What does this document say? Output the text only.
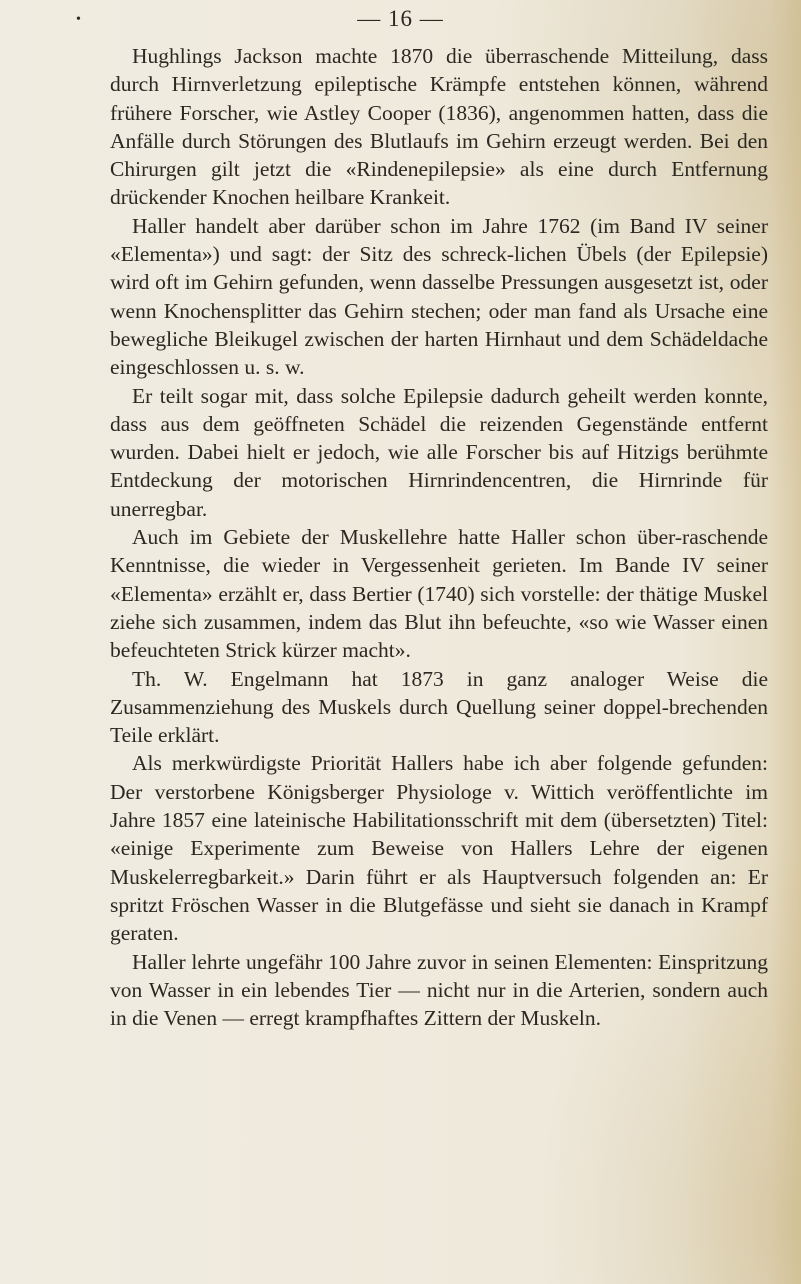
•	— 16 —

Hughlings Jackson machte 1870 die überraschende Mitteilung, dass durch Hirnverletzung epileptische Krämpfe entstehen können, während frühere Forscher, wie Astley Cooper (1836), angenommen hatten, dass die Anfälle durch Störungen des Blutlaufs im Gehirn erzeugt werden. Bei den Chirurgen gilt jetzt die «Rindenepilepsie» als eine durch Entfernung drückender Knochen heilbare Krankeit.

Haller handelt aber darüber schon im Jahre 1762 (im Band IV seiner «Elementa») und sagt: der Sitz des schreck-lichen Übels (der Epilepsie) wird oft im Gehirn gefunden, wenn dasselbe Pressungen ausgesetzt ist, oder wenn Knochensplitter das Gehirn stechen; oder man fand als Ursache eine bewegliche Bleikugel zwischen der harten Hirnhaut und dem Schädeldache eingeschlossen u. s. w.

Er teilt sogar mit, dass solche Epilepsie dadurch geheilt werden konnte, dass aus dem geöffneten Schädel die reizenden Gegenstände entfernt wurden. Dabei hielt er jedoch, wie alle Forscher bis auf Hitzigs berühmte Entdeckung der motorischen Hirnrindencentren, die Hirnrinde für unerregbar.

Auch im Gebiete der Muskellehre hatte Haller schon über-raschende Kenntnisse, die wieder in Vergessenheit gerieten. Im Bande IV seiner «Elementa» erzählt er, dass Bertier (1740) sich vorstelle: der thätige Muskel ziehe sich zusammen, indem das Blut ihn befeuchte, «so wie Wasser einen befeuchteten Strick kürzer macht».

Th. W. Engelmann hat 1873 in ganz analoger Weise die Zusammenziehung des Muskels durch Quellung seiner doppel-brechenden Teile erklärt.

Als merkwürdigste Priorität Hallers habe ich aber folgende gefunden: Der verstorbene Königsberger Physiologe v. Wittich veröffentlichte im Jahre 1857 eine lateinische Habilitationsschrift mit dem (übersetzten) Titel: «einige Experimente zum Beweise von Hallers Lehre der eigenen Muskelerregbarkeit.» Darin führt er als Hauptversuch folgenden an: Er spritzt Fröschen Wasser in die Blutgefässe und sieht sie danach in Krampf geraten.

Haller lehrte ungefähr 100 Jahre zuvor in seinen Elementen: Einspritzung von Wasser in ein lebendes Tier — nicht nur in die Arterien, sondern auch in die Venen — erregt krampfhaftes Zittern der Muskeln.
